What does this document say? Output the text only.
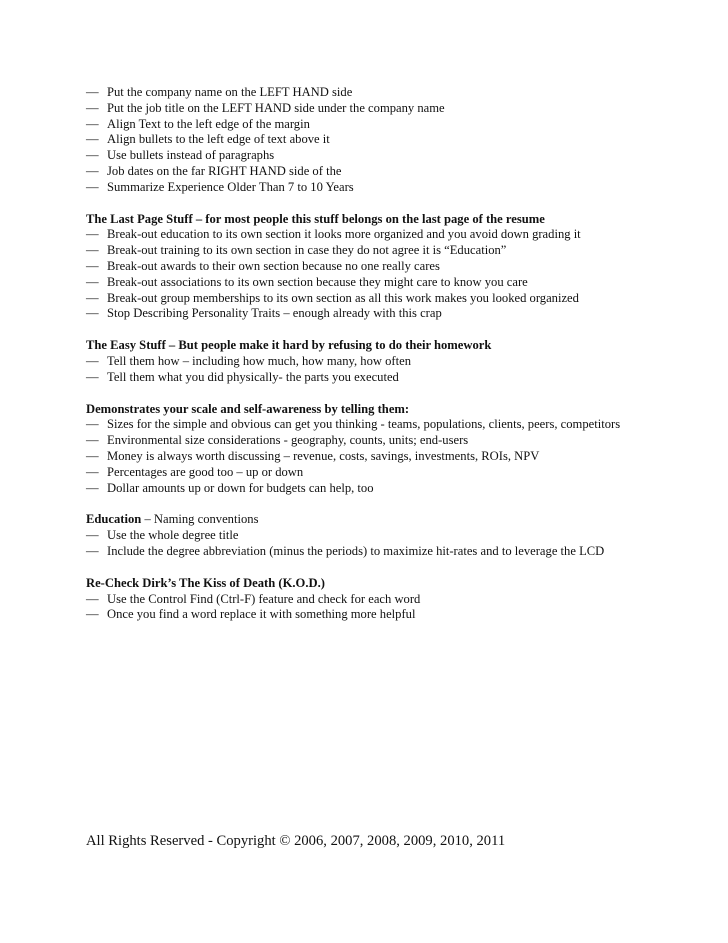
— Put the company name on the LEFT HAND side
— Put the job title on the LEFT HAND side under the company name
— Align Text to the left edge of the margin
— Align bullets to the left edge of text above it
— Use bullets instead of paragraphs
— Job dates on the far RIGHT HAND side of the
— Summarize Experience Older Than 7 to 10 Years
The Last Page Stuff – for most people this stuff belongs on the last page of the resume
— Break-out education to its own section it looks more organized and you avoid down grading it
— Break-out training to its own section in case they do not agree it is “Education”
— Break-out awards to their own section because no one really cares
— Break-out associations to its own section because they might care to know you care
— Break-out group memberships to its own section as all this work makes you looked organized
— Stop Describing Personality Traits – enough already with this crap
The Easy Stuff – But people make it hard by refusing to do their homework
— Tell them how – including how much, how many, how often
— Tell them what you did physically- the parts you executed
Demonstrates your scale and self-awareness by telling them:
— Sizes for the simple and obvious can get you thinking - teams, populations, clients, peers, competitors
— Environmental size considerations - geography, counts, units; end-users
— Money is always worth discussing – revenue, costs, savings, investments, ROIs, NPV
— Percentages are good too – up or down
— Dollar amounts up or down for budgets can help, too
Education – Naming conventions
— Use the whole degree title
— Include the degree abbreviation (minus the periods) to maximize hit-rates and to leverage the LCD
Re-Check Dirk’s The Kiss of Death (K.O.D.)
— Use the Control Find (Ctrl-F) feature and check for each word
— Once you find a word replace it with something more helpful
All Rights Reserved - Copyright © 2006, 2007, 2008, 2009, 2010, 2011
